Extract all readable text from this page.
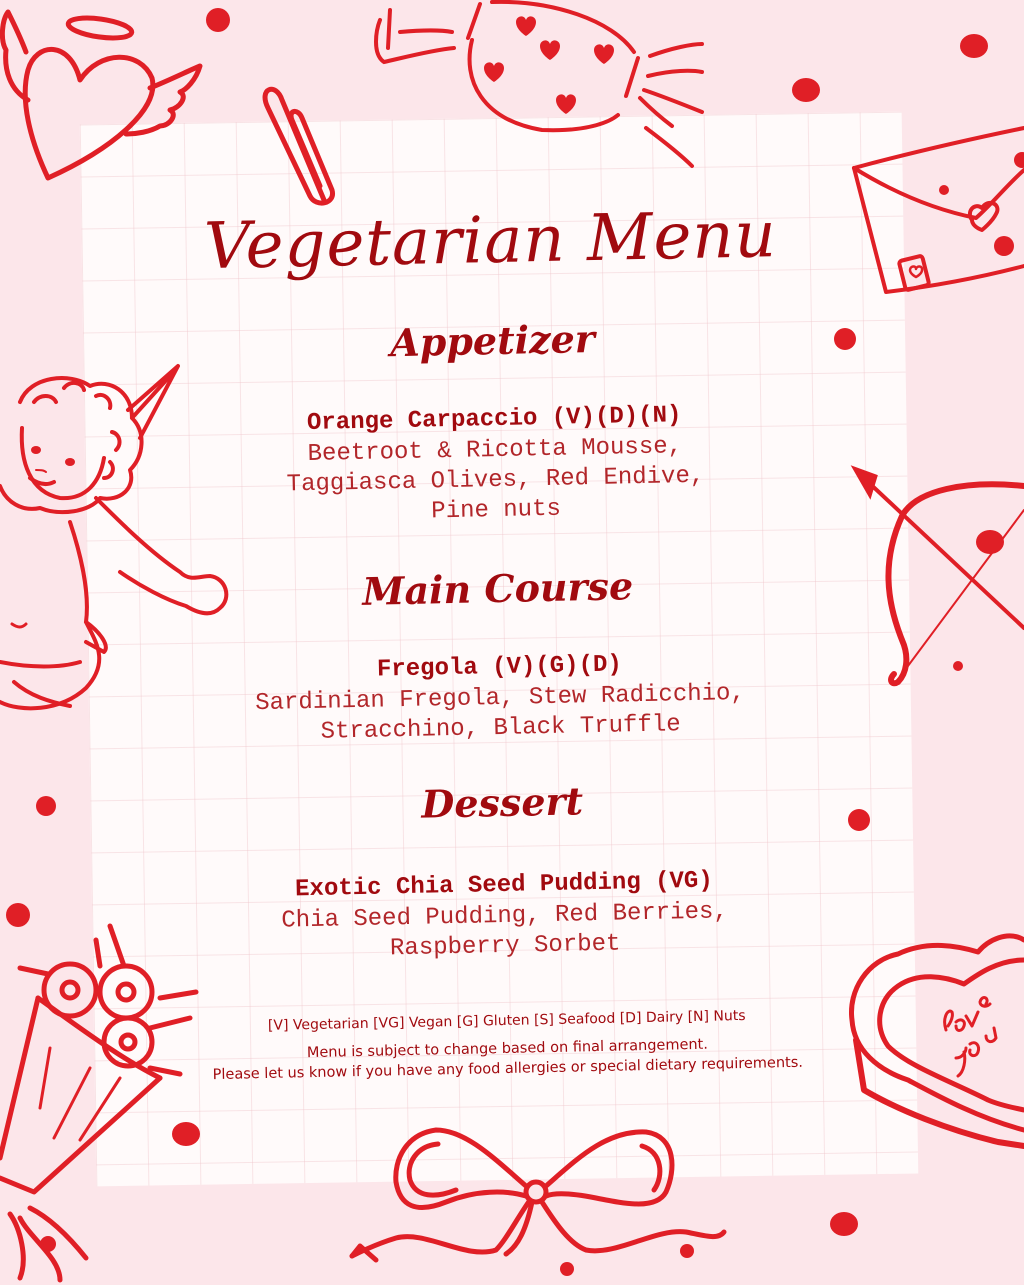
Vegetarian Menu
Appetizer
Orange Carpaccio (V)(D)(N)
Beetroot & Ricotta Mousse,
Taggiasca Olives, Red Endive,
Pine nuts
Main Course
Fregola (V)(G)(D)
Sardinian Fregola, Stew Radicchio,
Stracchino, Black Truffle
Dessert
Exotic Chia Seed Pudding (VG)
Chia Seed Pudding, Red Berries,
Raspberry Sorbet
[V] Vegetarian [VG] Vegan [G] Gluten [S] Seafood [D] Dairy [N] Nuts
Menu is subject to change based on final arrangement.
Please let us know if you have any food allergies or special dietary requirements.
